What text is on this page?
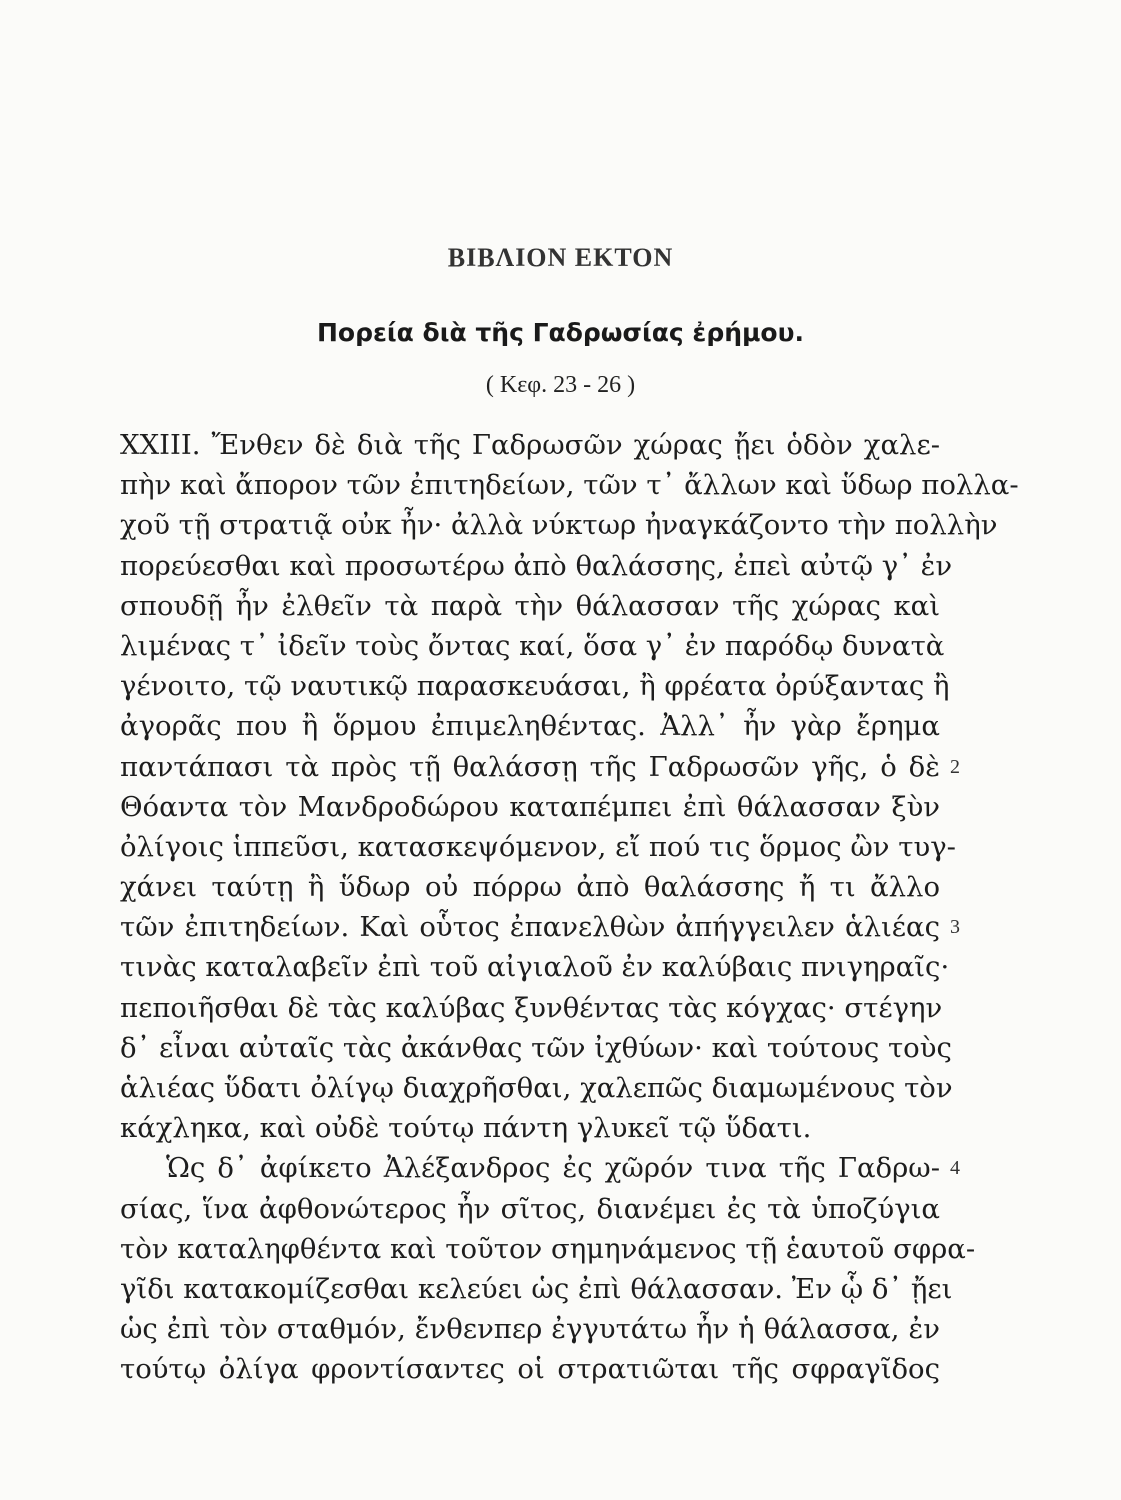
ΒΙΒΛΙΟΝ ΕΚΤΟΝ
Πορεία διὰ τῆς Γαδρωσίας ἐρήμου.
( Κεφ. 23 - 26 )
XXIII. Ἔνθεν δὲ διὰ τῆς Γαδρωσῶν χώρας ᾔει ὁδὸν χαλε-
πὴν καὶ ἄπορον τῶν ἐπιτηδείων, τῶν τ᾽ ἄλλων καὶ ὕδωρ πολλα-
χοῦ τῇ στρατιᾷ οὐκ ἦν· ἀλλὰ νύκτωρ ἠναγκάζοντο τὴν πολλὴν
πορεύεσθαι καὶ προσωτέρω ἀπὸ θαλάσσης, ἐπεὶ αὐτῷ γ᾽ ἐν
σπουδῇ ἦν ἐλθεῖν τὰ παρὰ τὴν θάλασσαν τῆς χώρας καὶ
λιμένας τ᾽ ἰδεῖν τοὺς ὄντας καί, ὅσα γ᾽ ἐν παρόδῳ δυνατὰ
γένοιτο, τῷ ναυτικῷ παρασκευάσαι, ἢ φρέατα ὀρύξαντας ἢ
ἀγορᾶς που ἢ ὅρμου ἐπιμεληθέντας. Ἀλλ᾽ ἦν γὰρ ἔρημα
παντάπασι τὰ πρὸς τῇ θαλάσσῃ τῆς Γαδρωσῶν γῆς, ὁ δὲ 2
Θόαντα τὸν Μανδροδώρου καταπέμπει ἐπὶ θάλασσαν ξὺν
ὀλίγοις ἱππεῦσι, κατασκεψόμενον, εἴ πού τις ὅρμος ὢν τυγ-
χάνει ταύτῃ ἢ ὕδωρ οὐ πόρρω ἀπὸ θαλάσσης ἤ τι ἄλλο
τῶν ἐπιτηδείων. Καὶ οὗτος ἐπανελθὼν ἀπήγγειλεν ἁλιέας 3
τινὰς καταλαβεῖν ἐπὶ τοῦ αἰγιαλοῦ ἐν καλύβαις πνιγηραῖς·
πεποιῆσθαι δὲ τὰς καλύβας ξυνθέντας τὰς κόγχας· στέγην
δ᾽ εἶναι αὐταῖς τὰς ἀκάνθας τῶν ἰχθύων· καὶ τούτους τοὺς
ἁλιέας ὕδατι ὀλίγῳ διαχρῆσθαι, χαλεπῶς διαμωμένους τὸν
κάχληκα, καὶ οὐδὲ τούτῳ πάντη γλυκεῖ τῷ ὕδατι.
Ὡς δ᾽ ἀφίκετο Ἀλέξανδρος ἐς χῶρόν τινα τῆς Γαδρω- 4
σίας, ἵνα ἀφθονώτερος ἦν σῖτος, διανέμει ἐς τὰ ὑποζύγια
τὸν καταληφθέντα καὶ τοῦτον σημηνάμενος τῇ ἑαυτοῦ σφρα-
γῖδι κατακομίζεσθαι κελεύει ὡς ἐπὶ θάλασσαν. Ἐν ᾧ δ᾽ ᾔει
ὡς ἐπὶ τὸν σταθμόν, ἔνθενπερ ἐγγυτάτω ἦν ἡ θάλασσα, ἐν
τούτῳ ὀλίγα φροντίσαντες οἱ στρατιῶται τῆς σφραγῖδος
